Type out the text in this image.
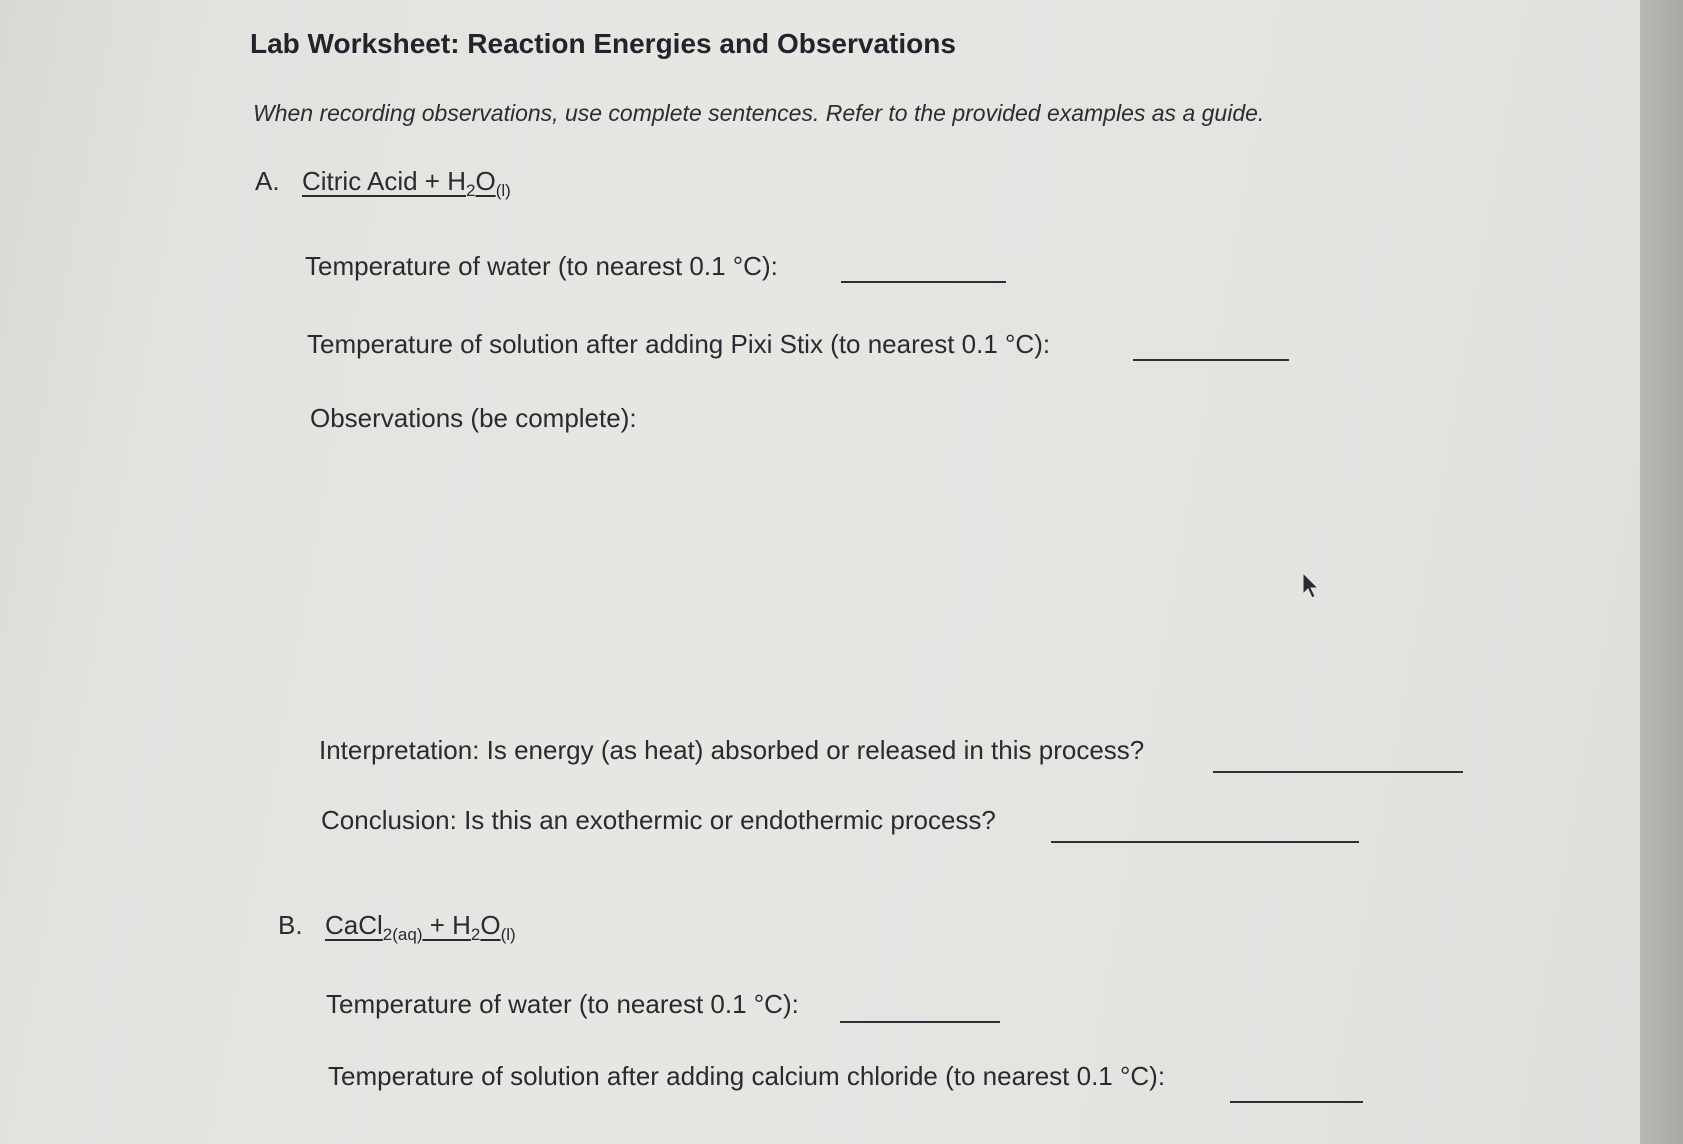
Lab Worksheet: Reaction Energies and Observations
When recording observations, use complete sentences. Refer to the provided examples as a guide.
A. Citric Acid + $H_2O_{(l)}$
Temperature of water (to nearest 0.1 °C):
Temperature of solution after adding Pixi Stix (to nearest 0.1 °C):
Observations (be complete):
Interpretation: Is energy (as heat) absorbed or released in this process?
Conclusion: Is this an exothermic or endothermic process?
B. CaCl$_{2(aq)}$ + $H_2O_{(l)}$
Temperature of water (to nearest 0.1 °C):
Temperature of solution after adding calcium chloride (to nearest 0.1 °C):
